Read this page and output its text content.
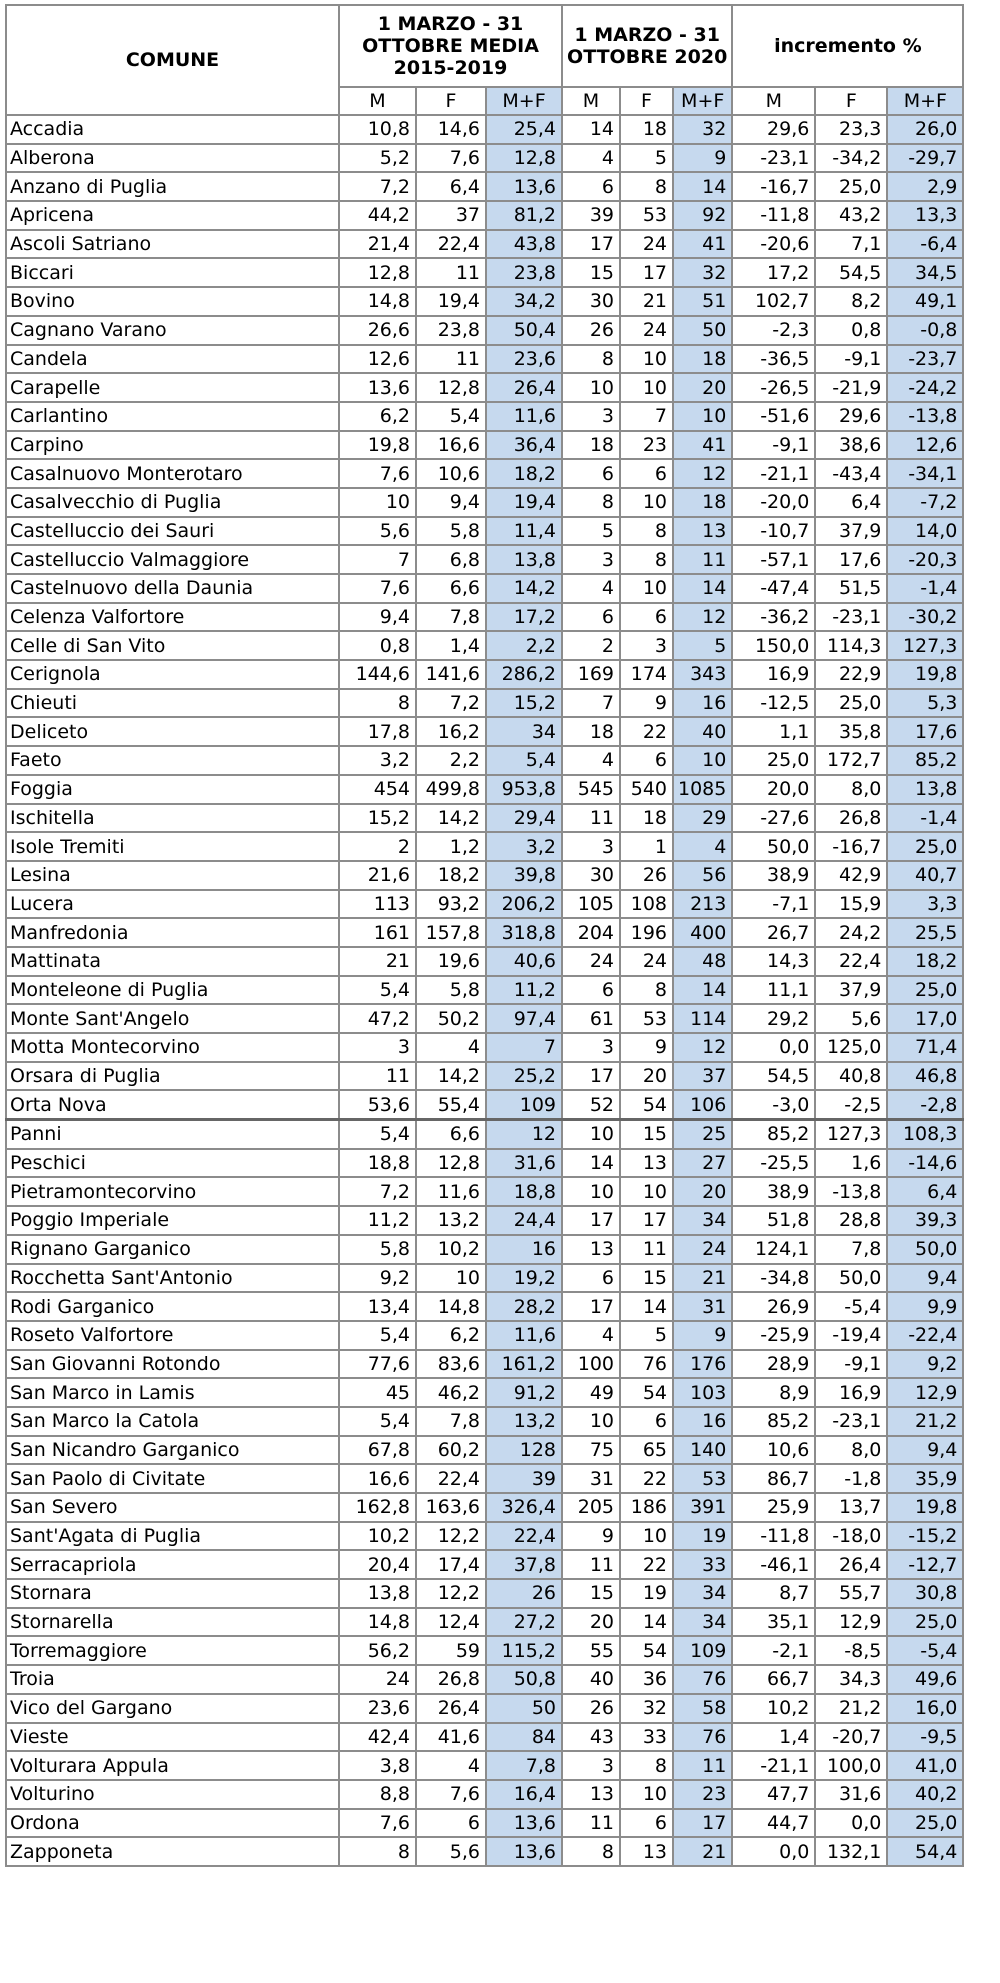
COMUNE	1 MARZO - 31 OTTOBRE MEDIA 2015-2019			1 MARZO - 31 OTTOBRE 2020			incremento %		
	M	F	M+F	M	F	M+F	M	F	M+F
Accadia	10,8	14,6	25,4	14	18	32	29,6	23,3	26,0
Alberona	5,2	7,6	12,8	4	5	9	-23,1	-34,2	-29,7
Anzano di Puglia	7,2	6,4	13,6	6	8	14	-16,7	25,0	2,9
Apricena	44,2	37	81,2	39	53	92	-11,8	43,2	13,3
Ascoli Satriano	21,4	22,4	43,8	17	24	41	-20,6	7,1	-6,4
Biccari	12,8	11	23,8	15	17	32	17,2	54,5	34,5
Bovino	14,8	19,4	34,2	30	21	51	102,7	8,2	49,1
Cagnano Varano	26,6	23,8	50,4	26	24	50	-2,3	0,8	-0,8
Candela	12,6	11	23,6	8	10	18	-36,5	-9,1	-23,7
Carapelle	13,6	12,8	26,4	10	10	20	-26,5	-21,9	-24,2
Carlantino	6,2	5,4	11,6	3	7	10	-51,6	29,6	-13,8
Carpino	19,8	16,6	36,4	18	23	41	-9,1	38,6	12,6
Casalnuovo Monterotaro	7,6	10,6	18,2	6	6	12	-21,1	-43,4	-34,1
Casalvecchio di Puglia	10	9,4	19,4	8	10	18	-20,0	6,4	-7,2
Castelluccio dei Sauri	5,6	5,8	11,4	5	8	13	-10,7	37,9	14,0
Castelluccio Valmaggiore	7	6,8	13,8	3	8	11	-57,1	17,6	-20,3
Castelnuovo della Daunia	7,6	6,6	14,2	4	10	14	-47,4	51,5	-1,4
Celenza Valfortore	9,4	7,8	17,2	6	6	12	-36,2	-23,1	-30,2
Celle di San Vito	0,8	1,4	2,2	2	3	5	150,0	114,3	127,3
Cerignola	144,6	141,6	286,2	169	174	343	16,9	22,9	19,8
Chieuti	8	7,2	15,2	7	9	16	-12,5	25,0	5,3
Deliceto	17,8	16,2	34	18	22	40	1,1	35,8	17,6
Faeto	3,2	2,2	5,4	4	6	10	25,0	172,7	85,2
Foggia	454	499,8	953,8	545	540	1085	20,0	8,0	13,8
Ischitella	15,2	14,2	29,4	11	18	29	-27,6	26,8	-1,4
Isole Tremiti	2	1,2	3,2	3	1	4	50,0	-16,7	25,0
Lesina	21,6	18,2	39,8	30	26	56	38,9	42,9	40,7
Lucera	113	93,2	206,2	105	108	213	-7,1	15,9	3,3
Manfredonia	161	157,8	318,8	204	196	400	26,7	24,2	25,5
Mattinata	21	19,6	40,6	24	24	48	14,3	22,4	18,2
Monteleone di Puglia	5,4	5,8	11,2	6	8	14	11,1	37,9	25,0
Monte Sant'Angelo	47,2	50,2	97,4	61	53	114	29,2	5,6	17,0
Motta Montecorvino	3	4	7	3	9	12	0,0	125,0	71,4
Orsara di Puglia	11	14,2	25,2	17	20	37	54,5	40,8	46,8
Orta Nova	53,6	55,4	109	52	54	106	-3,0	-2,5	-2,8
Panni	5,4	6,6	12	10	15	25	85,2	127,3	108,3
Peschici	18,8	12,8	31,6	14	13	27	-25,5	1,6	-14,6
Pietramontecorvino	7,2	11,6	18,8	10	10	20	38,9	-13,8	6,4
Poggio Imperiale	11,2	13,2	24,4	17	17	34	51,8	28,8	39,3
Rignano Garganico	5,8	10,2	16	13	11	24	124,1	7,8	50,0
Rocchetta Sant'Antonio	9,2	10	19,2	6	15	21	-34,8	50,0	9,4
Rodi Garganico	13,4	14,8	28,2	17	14	31	26,9	-5,4	9,9
Roseto Valfortore	5,4	6,2	11,6	4	5	9	-25,9	-19,4	-22,4
San Giovanni Rotondo	77,6	83,6	161,2	100	76	176	28,9	-9,1	9,2
San Marco in Lamis	45	46,2	91,2	49	54	103	8,9	16,9	12,9
San Marco la Catola	5,4	7,8	13,2	10	6	16	85,2	-23,1	21,2
San Nicandro Garganico	67,8	60,2	128	75	65	140	10,6	8,0	9,4
San Paolo di Civitate	16,6	22,4	39	31	22	53	86,7	-1,8	35,9
San Severo	162,8	163,6	326,4	205	186	391	25,9	13,7	19,8
Sant'Agata di Puglia	10,2	12,2	22,4	9	10	19	-11,8	-18,0	-15,2
Serracapriola	20,4	17,4	37,8	11	22	33	-46,1	26,4	-12,7
Stornara	13,8	12,2	26	15	19	34	8,7	55,7	30,8
Stornarella	14,8	12,4	27,2	20	14	34	35,1	12,9	25,0
Torremaggiore	56,2	59	115,2	55	54	109	-2,1	-8,5	-5,4
Troia	24	26,8	50,8	40	36	76	66,7	34,3	49,6
Vico del Gargano	23,6	26,4	50	26	32	58	10,2	21,2	16,0
Vieste	42,4	41,6	84	43	33	76	1,4	-20,7	-9,5
Volturara Appula	3,8	4	7,8	3	8	11	-21,1	100,0	41,0
Volturino	8,8	7,6	16,4	13	10	23	47,7	31,6	40,2
Ordona	7,6	6	13,6	11	6	17	44,7	0,0	25,0
Zapponeta	8	5,6	13,6	8	13	21	0,0	132,1	54,4
